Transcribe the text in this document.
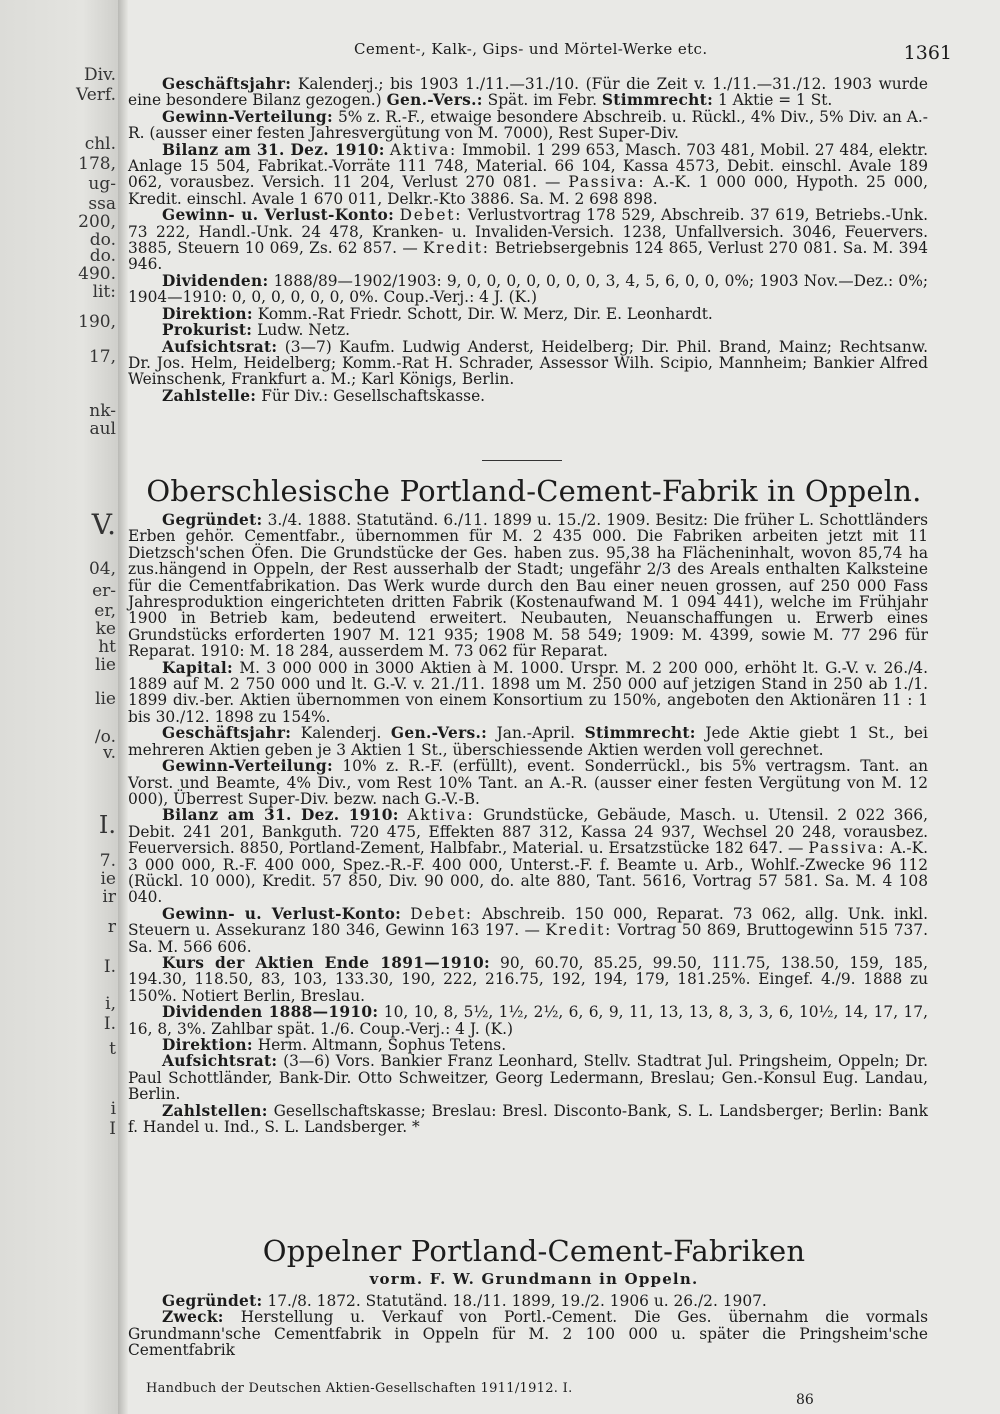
Div.
Verf.
chl.
178,
ug-
ssa
200,
do.
do.
490.
lit:
190,
17,
nk-
aul
V.
04,
er-
er,
ke
ht
lie
lie
/o.
v.
I.
7.
ie
ir
r
I.
i,
I.
t
i
I
Cement-, Kalk-, Gips- und Mörtel-Werke etc.	1361

Geschäftsjahr: Kalenderj.; bis 1903 1./11.—31./10. (Für die Zeit v. 1./11.—31./12. 1903 wurde eine besondere Bilanz gezogen.) Gen.-Vers.: Spät. im Febr. Stimmrecht: 1 Aktie = 1 St.

Gewinn-Verteilung: 5% z. R.-F., etwaige besondere Abschreib. u. Rückl., 4% Div., 5% Div. an A.-R. (ausser einer festen Jahresvergütung von M. 7000), Rest Super-Div.

Bilanz am 31. Dez. 1910: Aktiva: Immobil. 1 299 653, Masch. 703 481, Mobil. 27 484, elektr. Anlage 15 504, Fabrikat.-Vorräte 111 748, Material. 66 104, Kassa 4573, Debit. einschl. Avale 189 062, vorausbez. Versich. 11 204, Verlust 270 081. — Passiva: A.-K. 1 000 000, Hypoth. 25 000, Kredit. einschl. Avale 1 670 011, Delkr.-Kto 3886. Sa. M. 2 698 898.

Gewinn- u. Verlust-Konto: Debet: Verlustvortrag 178 529, Abschreib. 37 619, Betriebs.-Unk. 73 222, Handl.-Unk. 24 478, Kranken- u. Invaliden-Versich. 1238, Unfallversich. 3046, Feuervers. 3885, Steuern 10 069, Zs. 62 857. — Kredit: Betriebsergebnis 124 865, Verlust 270 081. Sa. M. 394 946.

Dividenden: 1888/89—1902/1903: 9, 0, 0, 0, 0, 0, 0, 0, 3, 4, 5, 6, 0, 0, 0%; 1903 Nov.—Dez.: 0%; 1904—1910: 0, 0, 0, 0, 0, 0, 0%. Coup.-Verj.: 4 J. (K.)

Direktion: Komm.-Rat Friedr. Schott, Dir. W. Merz, Dir. E. Leonhardt.

Prokurist: Ludw. Netz.

Aufsichtsrat: (3—7) Kaufm. Ludwig Anderst, Heidelberg; Dir. Phil. Brand, Mainz; Rechtsanw. Dr. Jos. Helm, Heidelberg; Komm.-Rat H. Schrader, Assessor Wilh. Scipio, Mannheim; Bankier Alfred Weinschenk, Frankfurt a. M.; Karl Königs, Berlin.

Zahlstelle: Für Div.: Gesellschaftskasse.

Oberschlesische Portland-Cement-Fabrik in Oppeln.

Gegründet: 3./4. 1888. Statutänd. 6./11. 1899 u. 15./2. 1909. Besitz: Die früher L. Schottländers Erben gehör. Cementfabr., übernommen für M. 2 435 000. Die Fabriken arbeiten jetzt mit 11 Dietzsch'schen Öfen. Die Grundstücke der Ges. haben zus. 95,38 ha Flächeninhalt, wovon 85,74 ha zus.hängend in Oppeln, der Rest ausserhalb der Stadt; ungefähr 2/3 des Areals enthalten Kalksteine für die Cementfabrikation. Das Werk wurde durch den Bau einer neuen grossen, auf 250 000 Fass Jahresproduktion eingerichteten dritten Fabrik (Kostenaufwand M. 1 094 441), welche im Frühjahr 1900 in Betrieb kam, bedeutend erweitert. Neubauten, Neuanschaffungen u. Erwerb eines Grundstücks erforderten 1907 M. 121 935; 1908 M. 58 549; 1909: M. 4399, sowie M. 77 296 für Reparat. 1910: M. 18 284, ausserdem M. 73 062 für Reparat.

Kapital: M. 3 000 000 in 3000 Aktien à M. 1000. Urspr. M. 2 200 000, erhöht lt. G.-V. v. 26./4. 1889 auf M. 2 750 000 und lt. G.-V. v. 21./11. 1898 um M. 250 000 auf jetzigen Stand in 250 ab 1./1. 1899 div.-ber. Aktien übernommen von einem Konsortium zu 150%, angeboten den Aktionären 11 : 1 bis 30./12. 1898 zu 154%.

Geschäftsjahr: Kalenderj. Gen.-Vers.: Jan.-April. Stimmrecht: Jede Aktie giebt 1 St., bei mehreren Aktien geben je 3 Aktien 1 St., überschiessende Aktien werden voll gerechnet.

Gewinn-Verteilung: 10% z. R.-F. (erfüllt), event. Sonderrückl., bis 5% vertragsm. Tant. an Vorst. und Beamte, 4% Div., vom Rest 10% Tant. an A.-R. (ausser einer festen Vergütung von M. 12 000), Überrest Super-Div. bezw. nach G.-V.-B.

Bilanz am 31. Dez. 1910: Aktiva: Grundstücke, Gebäude, Masch. u. Utensil. 2 022 366, Debit. 241 201, Bankguth. 720 475, Effekten 887 312, Kassa 24 937, Wechsel 20 248, vorausbez. Feuerversich. 8850, Portland-Zement, Halbfabr., Material. u. Ersatzstücke 182 647. — Passiva: A.-K. 3 000 000, R.-F. 400 000, Spez.-R.-F. 400 000, Unterst.-F. f. Beamte u. Arb., Wohlf.-Zwecke 96 112 (Rückl. 10 000), Kredit. 57 850, Div. 90 000, do. alte 880, Tant. 5616, Vortrag 57 581. Sa. M. 4 108 040.

Gewinn- u. Verlust-Konto: Debet: Abschreib. 150 000, Reparat. 73 062, allg. Unk. inkl. Steuern u. Assekuranz 180 346, Gewinn 163 197. — Kredit: Vortrag 50 869, Bruttogewinn 515 737. Sa. M. 566 606.

Kurs der Aktien Ende 1891—1910: 90, 60.70, 85.25, 99.50, 111.75, 138.50, 159, 185, 194.30, 118.50, 83, 103, 133.30, 190, 222, 216.75, 192, 194, 179, 181.25%. Eingef. 4./9. 1888 zu 150%. Notiert Berlin, Breslau.

Dividenden 1888—1910: 10, 10, 8, 5½, 1½, 2½, 6, 6, 9, 11, 13, 13, 8, 3, 3, 6, 10½, 14, 17, 17, 16, 8, 3%. Zahlbar spät. 1./6. Coup.-Verj.: 4 J. (K.)

Direktion: Herm. Altmann, Sophus Tetens.

Aufsichtsrat: (3—6) Vors. Bankier Franz Leonhard, Stellv. Stadtrat Jul. Pringsheim, Oppeln; Dr. Paul Schottländer, Bank-Dir. Otto Schweitzer, Georg Ledermann, Breslau; Gen.-Konsul Eug. Landau, Berlin.

Zahlstellen: Gesellschaftskasse; Breslau: Bresl. Disconto-Bank, S. L. Landsberger; Berlin: Bank f. Handel u. Ind., S. L. Landsberger. *

Oppelner Portland-Cement-Fabriken
vorm. F. W. Grundmann in Oppeln.

Gegründet: 17./8. 1872. Statutänd. 18./11. 1899, 19./2. 1906 u. 26./2. 1907.

Zweck: Herstellung u. Verkauf von Portl.-Cement. Die Ges. übernahm die vormals Grundmann'sche Cementfabrik in Oppeln für M. 2 100 000 u. später die Pringsheim'sche Cementfabrik

Handbuch der Deutschen Aktien-Gesellschaften 1911/1912. I.
86
